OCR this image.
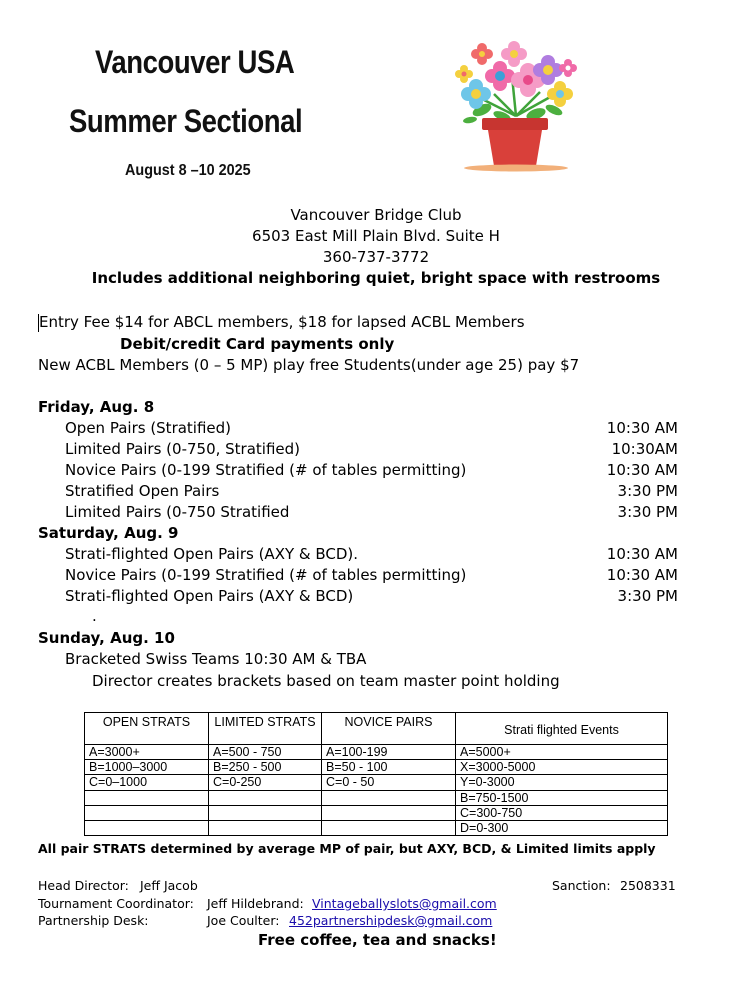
Vancouver USA
Summer Sectional
August 8 –10 2025
Vancouver Bridge Club
6503 East Mill Plain Blvd. Suite H
360-737-3772
Includes additional neighboring quiet, bright space with restrooms
Entry Fee $14 for ABCL members, $18 for lapsed ACBL Members
Debit/credit Card payments only
New ACBL Members (0 – 5 MP) play free Students(under age 25) pay $7
Friday, Aug. 8
Open Pairs (Stratified)	10:30 AM
Limited Pairs (0-750, Stratified)	10:30AM
Novice Pairs (0-199 Stratified (# of tables permitting)	10:30 AM
Stratified Open Pairs	3:30 PM
Limited Pairs (0-750 Stratified	3:30 PM
Saturday, Aug. 9
Strati-flighted Open Pairs (AXY & BCD).	10:30 AM
Novice Pairs (0-199 Stratified (# of tables permitting)	10:30 AM
Strati-flighted Open Pairs (AXY & BCD)	3:30 PM
.
Sunday, Aug. 10
Bracketed Swiss Teams 10:30 AM & TBA
Director creates brackets based on team master point holding
OPEN STRATS	LIMITED STRATS	NOVICE PAIRS	Strati flighted Events
A=3000+	A=500 - 750	A=100-199	A=5000+
B=1000–3000	B=250 - 500	B=50 - 100	X=3000-5000
C=0–1000	C=0-250	C=0 - 50	Y=0-3000
			B=750-1500
			C=300-750
			D=0-300
All pair STRATS determined by average MP of pair, but AXY, BCD, & Limited limits apply
Head Director: Jeff Jacob	Sanction: 2508331
Tournament Coordinator: Jeff Hildebrand: Vintageballyslots@gmail.com
Partnership Desk:	Joe Coulter: 452partnershipdesk@gmail.com
Free coffee, tea and snacks!
